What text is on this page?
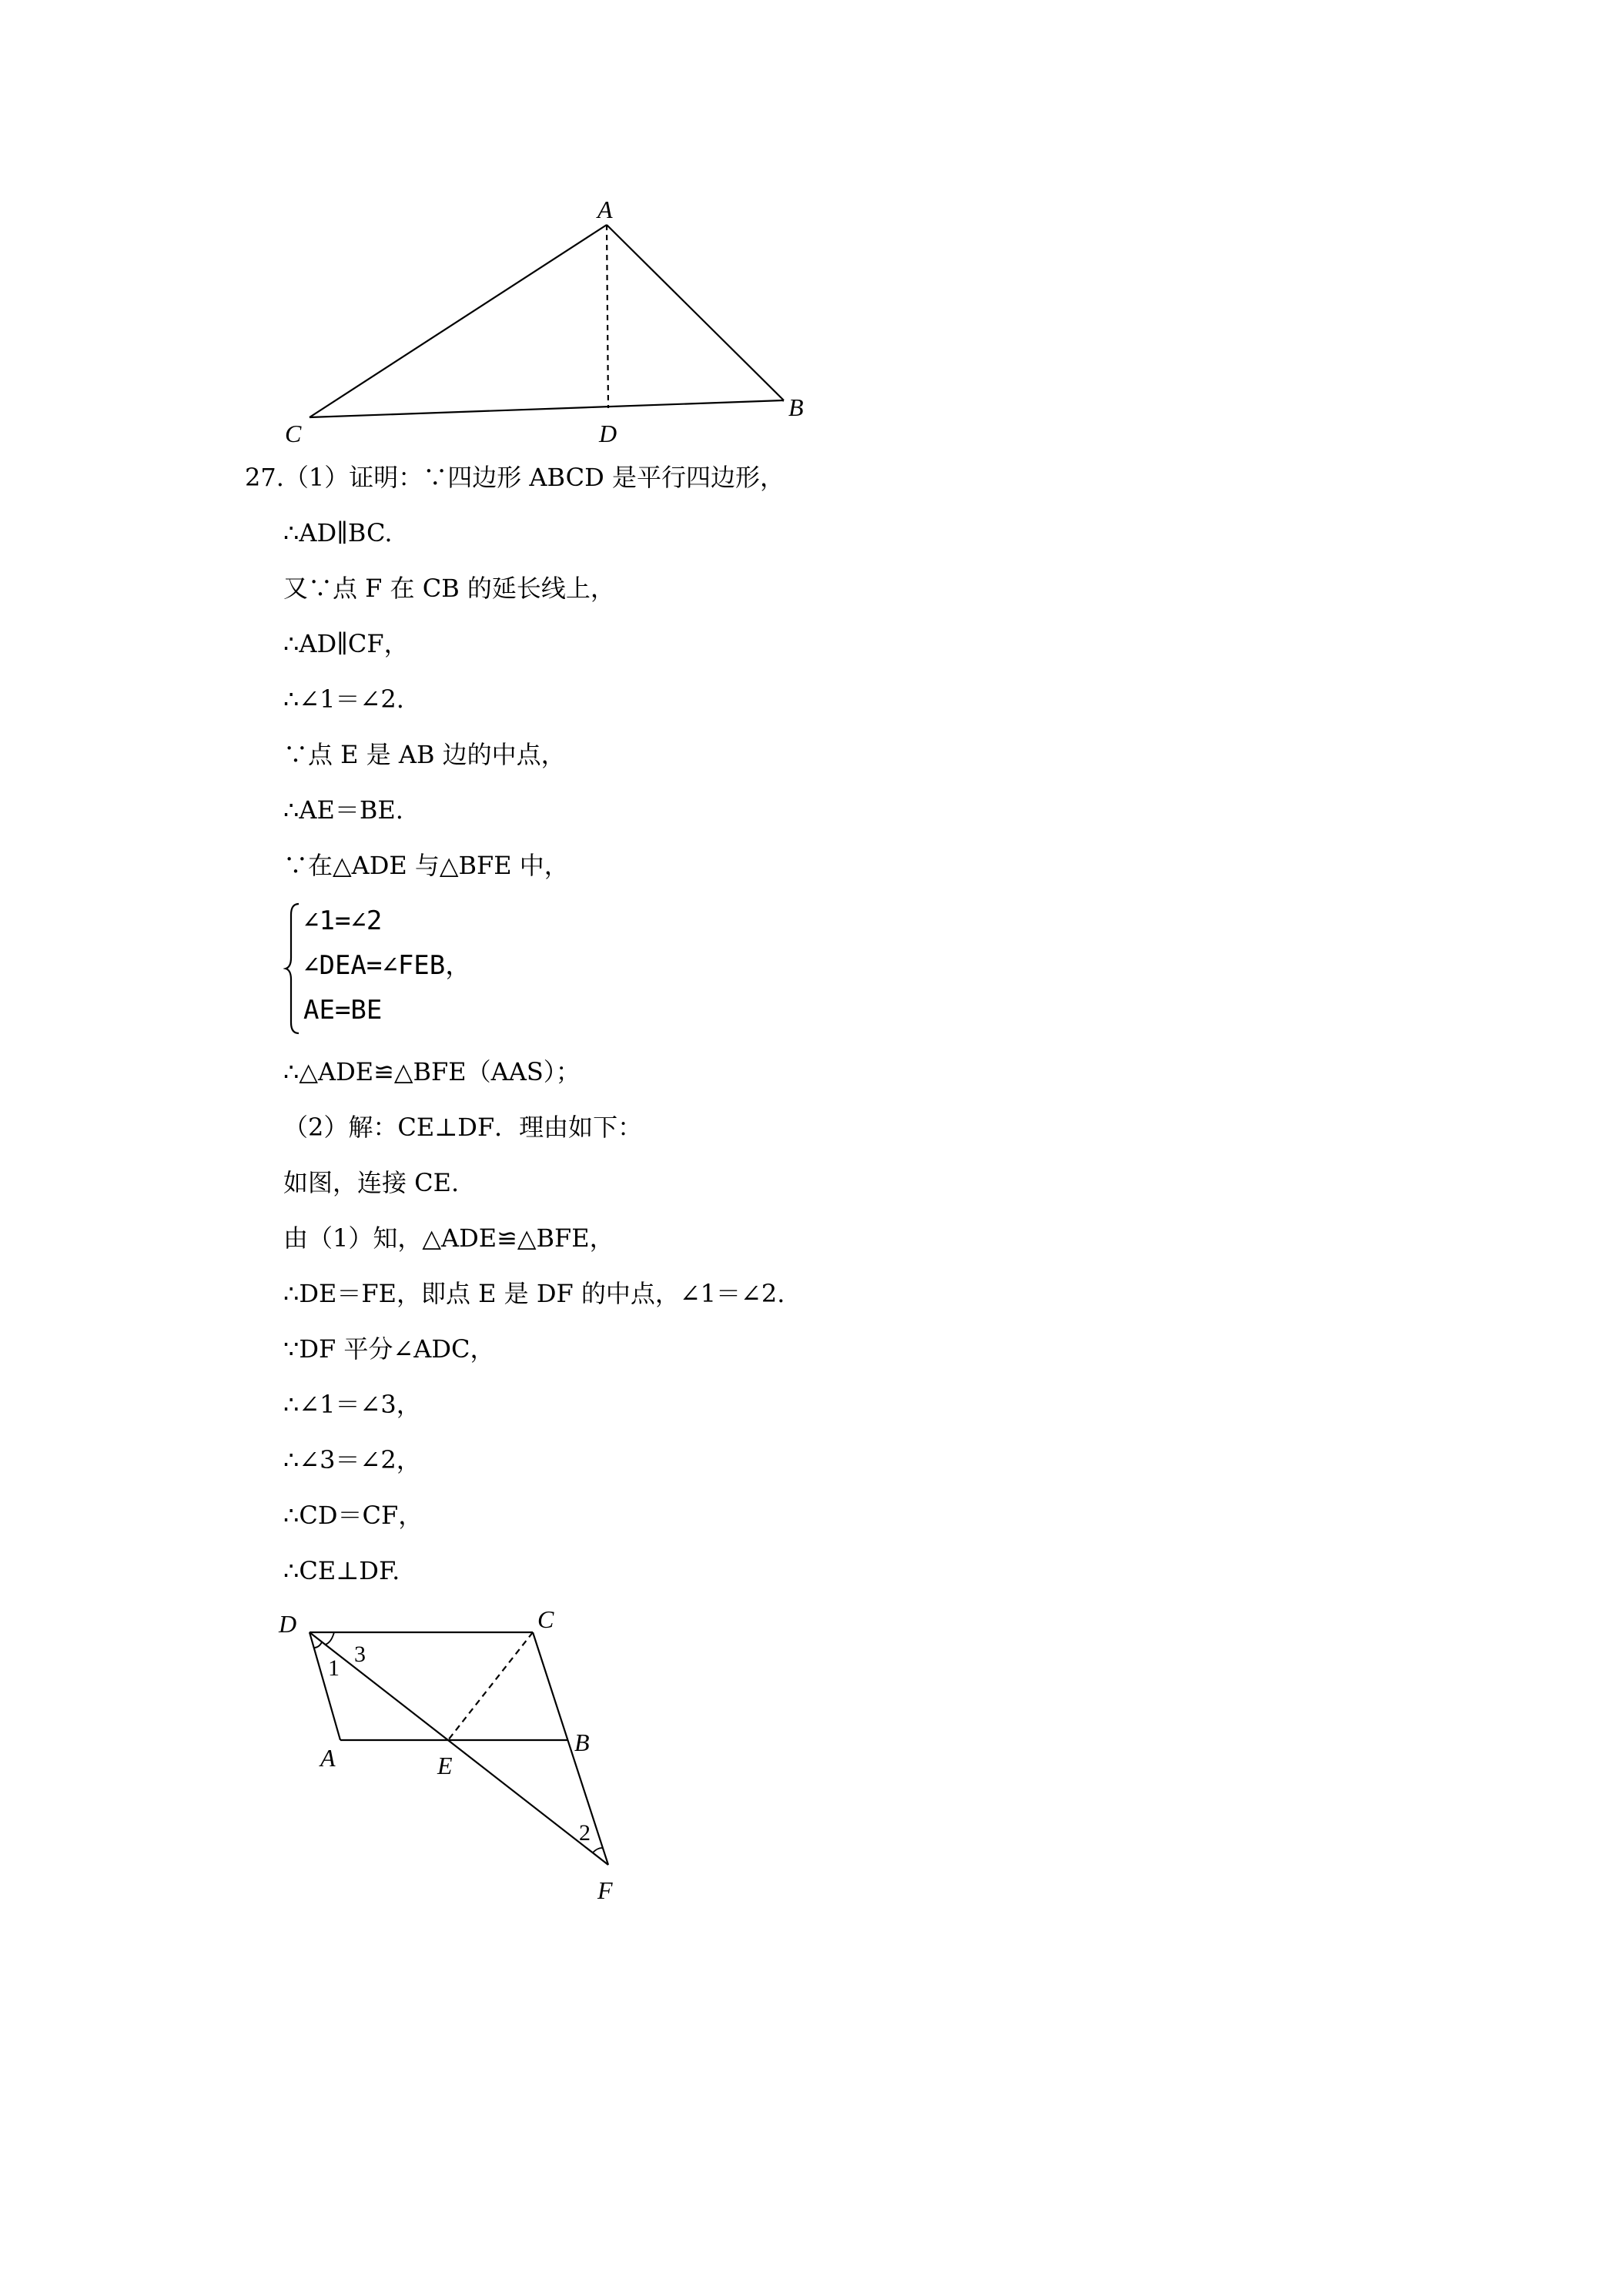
A
B
C	D
27.（1）证明：∵四边形 ABCD 是平行四边形，
∴AD∥BC.
又∵点 F 在 CB 的延长线上，
∴AD∥CF，
∴∠1＝∠2.
∵点 E 是 AB 边的中点，
∴AE＝BE.
∵在△ADE 与△BFE 中，
∠1=∠2
∠DEA=∠FEB，
AE=BE
∴△ADE≌△BFE（AAS）；
（2）解：CE⊥DF．理由如下：
如图，连接 CE.
由（1）知，△ADE≌△BFE，
∴DE＝FE，即点 E 是 DF 的中点，∠1＝∠2.
∵DF 平分∠ADC，
∴∠1＝∠3，
∴∠3＝∠2，
∴CD＝CF，
∴CE⊥DF.
D	C
A	E
B
F
1
3
2
